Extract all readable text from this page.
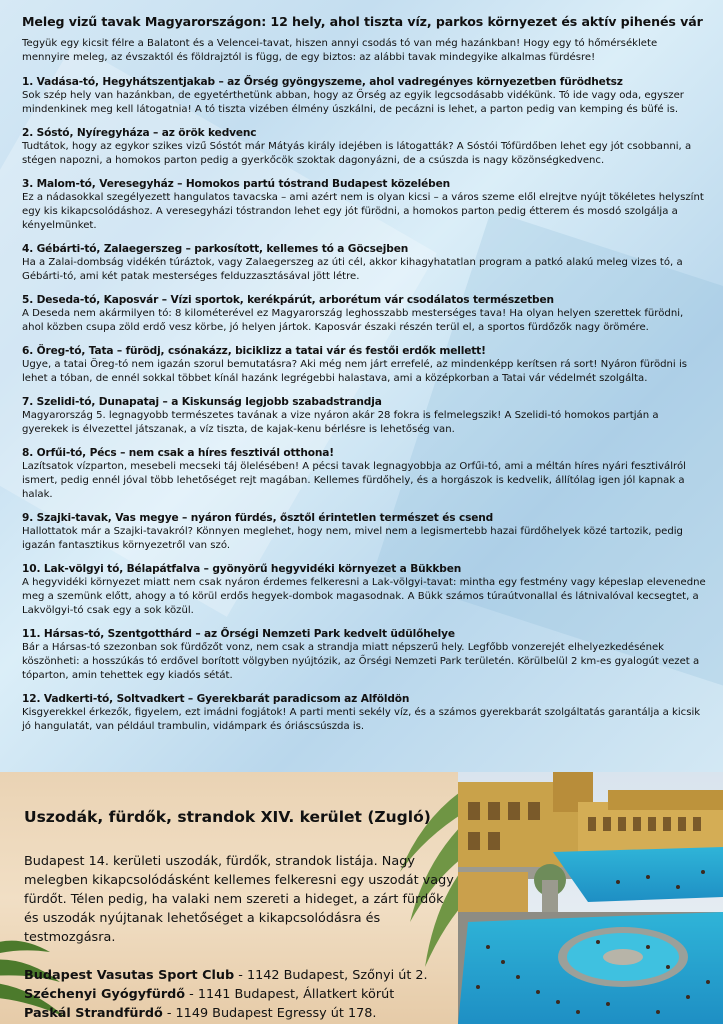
Meleg vizű tavak Magyarországon: 12 hely, ahol tiszta víz, parkos környezet és aktív pihenés vár

Tegyük egy kicsit félre a Balatont és a Velencei-tavat, hiszen annyi csodás tó van még hazánkban! Hogy egy tó hőmérséklete mennyire meleg, az évszaktól és földrajztól is függ, de egy biztos: az alábbi tavak mindegyike alkalmas fürdésre!

1. Vadása-tó, Hegyhátszentjakab – az Őrség gyöngyszeme, ahol vadregényes környezetben fürödhetsz

Sok szép hely van hazánkban, de egyetérthetünk abban, hogy az Őrség az egyik legcsodásabb vidékünk. Tó ide vagy oda, egyszer mindenkinek meg kell látogatnia! A tó tiszta vizében élmény úszkálni, de pecázni is lehet, a parton pedig van kemping és büfé is.

2. Sóstó, Nyíregyháza – az örök kedvenc

Tudtátok, hogy az egykor szikes vizű Sóstót már Mátyás király idejében is látogatták? A Sóstói Tófürdőben lehet egy jót csobbanni, a stégen napozni, a homokos parton pedig a gyerkőcök szoktak dagonyázni, de a csúszda is nagy közönségkedvenc.

3. Malom-tó, Veresegyház – Homokos partú tóstrand Budapest közelében

Ez a nádasokkal szegélyezett hangulatos tavacska – ami azért nem is olyan kicsi – a város szeme elől elrejtve nyújt tökéletes helyszínt egy kis kikapcsolódáshoz. A veresegyházi tóstrandon lehet egy jót fürödni, a homokos parton pedig étterem és mosdó szolgálja a kényelmünket.

4. Gébárti-tó, Zalaegerszeg – parkosított, kellemes tó a Göcsejben

Ha a Zalai-dombság vidékén túráztok, vagy Zalaegerszeg az úti cél, akkor kihagyhatatlan program a patkó alakú meleg vizes tó, a Gébárti-tó, ami két patak mesterséges felduzzasztásával jött létre.

5. Deseda-tó, Kaposvár – Vízi sportok, kerékpárút, arborétum vár csodálatos természetben

A Deseda nem akármilyen tó: 8 kilométerével ez Magyarország leghosszabb mesterséges tava! Ha olyan helyen szerettek fürödni, ahol közben csupa zöld erdő vesz körbe, jó helyen jártok. Kaposvár északi részén terül el, a sportos fürdőzők nagy örömére.

6. Öreg-tó, Tata – fürödj, csónakázz, biciklizz a tatai vár és festői erdők mellett!

Ugye, a tatai Öreg-tó nem igazán szorul bemutatásra? Aki még nem járt errefelé, az mindenképp kerítsen rá sort! Nyáron fürödni is lehet a tóban, de ennél sokkal többet kínál hazánk legrégebbi halastava, ami a középkorban a Tatai vár védelmét szolgálta.

7. Szelidi-tó, Dunapataj – a Kiskunság legjobb szabadstrandja

Magyarország 5. legnagyobb természetes tavának a vize nyáron akár 28 fokra is felmelegszik! A Szelidi-tó homokos partján a gyerekek is élvezettel játszanak, a víz tiszta, de kajak-kenu bérlésre is lehetőség van.

8. Orfűi-tó, Pécs – nem csak a híres fesztivál otthona!

Lazítsatok vízparton, mesebeli mecseki táj ölelésében! A pécsi tavak legnagyobbja az Orfűi-tó, ami a méltán híres nyári fesztiválról ismert, pedig ennél jóval több lehetőséget rejt magában. Kellemes fürdőhely, és a horgászok is kedvelik, állítólag igen jól kapnak a halak.

9. Szajki-tavak, Vas megye – nyáron fürdés, ősztől érintetlen természet és csend

Hallottatok már a Szajki-tavakról? Könnyen meglehet, hogy nem, mivel nem a legismertebb hazai fürdőhelyek közé tartozik, pedig igazán fantasztikus környezetről van szó.

10. Lak-völgyi tó, Bélapátfalva – gyönyörű hegyvidéki környezet a Bükkben

A hegyvidéki környezet miatt nem csak nyáron érdemes felkeresni a Lak-völgyi-tavat: mintha egy festmény vagy képeslap elevenedne meg a szemünk előtt, ahogy a tó körül erdős hegyek-dombok magasodnak. A Bükk számos túraútvonallal és látnivalóval kecsegtet, a Lakvölgyi-tó csak egy a sok közül.

11. Hársas-tó, Szentgotthárd – az Őrségi Nemzeti Park kedvelt üdülőhelye

Bár a Hársas-tó szezonban sok fürdőzőt vonz, nem csak a strandja miatt népszerű hely. Legfőbb vonzerejét elhelyezkedésének köszönheti: a hosszúkás tó erdővel borított völgyben nyújtózik, az Őrségi Nemzeti Park területén. Körülbelül 2 km-es gyalogút vezet a tóparton, amin tehettek egy kiadós sétát.

12. Vadkerti-tó, Soltvadkert – Gyerekbarát paradicsom az Alföldön

Kisgyerekkel érkezők, figyelem, ezt imádni fogjátok! A parti menti sekély víz, és a számos gyerekbarát szolgáltatás garantálja a kicsik jó hangulatát, van például trambulin, vidámpark és óriáscsúszda is.

Uszodák, fürdők, strandok XIV. kerület (Zugló)
Budapest 14. kerületi uszodák, fürdők, strandok listája. Nagy melegben kikapcsolódásként kellemes felkeresni egy uszodát vagy fürdőt. Télen pedig, ha valaki nem szereti a hideget, a zárt fürdők és uszodák nyújtanak lehetőséget a kikapcsolódásra és testmozgásra.
Budapest Vasutas Sport Club - 1142 Budapest, Szőnyi út 2.
Széchenyi Gyógyfürdő - 1141 Budapest, Állatkert körút
Paskál Strandfürdő - 1149 Budapest Egressy út 178.
